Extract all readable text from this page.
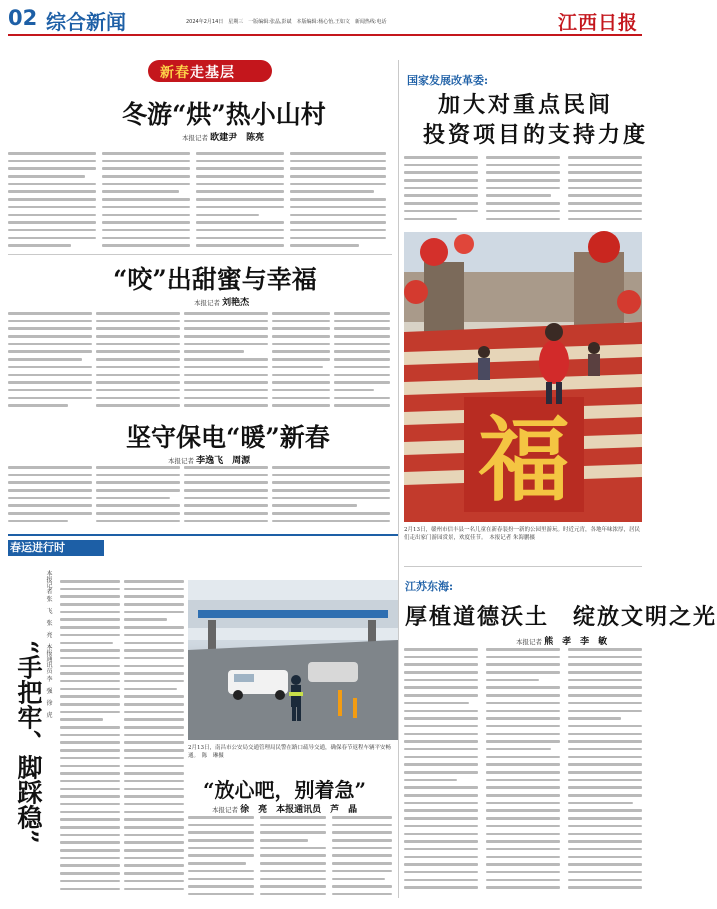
02 综合新闻	2024年2月14日　星期三　一版编辑:张晶,彭斌　本版编辑:杨心怡,王如文　新闻热线:电话	江西日报
新春走基层
冬游“烘”热小山村
本报记者 欧建尹　陈亮
“咬”出甜蜜与幸福
本报记者 刘艳杰
坚守保电“暖”新春
本报记者 李逸飞　周源
国家发展改革委:
加大对重点民间
投资项目的支持力度
福
2月13日，赣州市信丰县一名儿童在新春装扮一新的公园里游玩。时近元宵，各地年味浓厚，居民们走出家门游园赏景，欢度佳节。　本报记者 朱海鹏摄
江苏东海:
厚植道德沃土　绽放文明之光
本报记者 熊　孝　李　敏
春运进行时
“手把牢、脚踩稳” 本报记者 张　飞　张　亮　本报通讯员 李　强　徐　虎
2月13日，南昌市公安局交通管理局民警在路口疏导交通，确保春节返程车辆平安畅通。　陈　琳摄
“放心吧，别着急”
本报记者 徐　亮　本报通讯员　芦　晶
